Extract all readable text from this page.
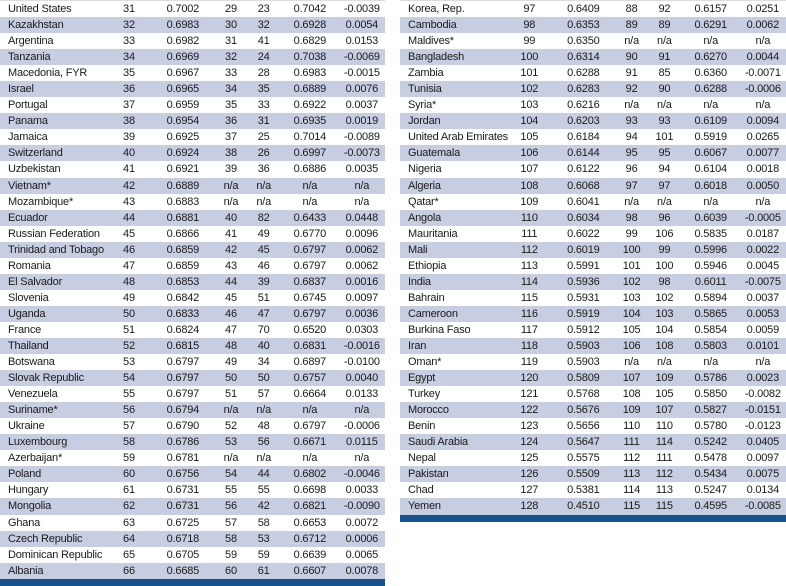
United States	31	0.7002	29	23	0.7042	-0.0039
Kazakhstan	32	0.6983	30	32	0.6928	0.0054
Argentina	33	0.6982	31	41	0.6829	0.0153
Tanzania	34	0.6969	32	24	0.7038	-0.0069
Macedonia, FYR	35	0.6967	33	28	0.6983	-0.0015
Israel	36	0.6965	34	35	0.6889	0.0076
Portugal	37	0.6959	35	33	0.6922	0.0037
Panama	38	0.6954	36	31	0.6935	0.0019
Jamaica	39	0.6925	37	25	0.7014	-0.0089
Switzerland	40	0.6924	38	26	0.6997	-0.0073
Uzbekistan	41	0.6921	39	36	0.6886	0.0035
Vietnam*	42	0.6889	n/a	n/a	n/a	n/a
Mozambique*	43	0.6883	n/a	n/a	n/a	n/a
Ecuador	44	0.6881	40	82	0.6433	0.0448
Russian Federation	45	0.6866	41	49	0.6770	0.0096
Trinidad and Tobago	46	0.6859	42	45	0.6797	0.0062
Romania	47	0.6859	43	46	0.6797	0.0062
El Salvador	48	0.6853	44	39	0.6837	0.0016
Slovenia	49	0.6842	45	51	0.6745	0.0097
Uganda	50	0.6833	46	47	0.6797	0.0036
France	51	0.6824	47	70	0.6520	0.0303
Thailand	52	0.6815	48	40	0.6831	-0.0016
Botswana	53	0.6797	49	34	0.6897	-0.0100
Slovak Republic	54	0.6797	50	50	0.6757	0.0040
Venezuela	55	0.6797	51	57	0.6664	0.0133
Suriname*	56	0.6794	n/a	n/a	n/a	n/a
Ukraine	57	0.6790	52	48	0.6797	-0.0006
Luxembourg	58	0.6786	53	56	0.6671	0.0115
Azerbaijan*	59	0.6781	n/a	n/a	n/a	n/a
Poland	60	0.6756	54	44	0.6802	-0.0046
Hungary	61	0.6731	55	55	0.6698	0.0033
Mongolia	62	0.6731	56	42	0.6821	-0.0090
Ghana	63	0.6725	57	58	0.6653	0.0072
Czech Republic	64	0.6718	58	53	0.6712	0.0006
Dominican Republic	65	0.6705	59	59	0.6639	0.0065
Albania	66	0.6685	60	61	0.6607	0.0078
Korea, Rep.	97	0.6409	88	92	0.6157	0.0251
Cambodia	98	0.6353	89	89	0.6291	0.0062
Maldives*	99	0.6350	n/a	n/a	n/a	n/a
Bangladesh	100	0.6314	90	91	0.6270	0.0044
Zambia	101	0.6288	91	85	0.6360	-0.0071
Tunisia	102	0.6283	92	90	0.6288	-0.0006
Syria*	103	0.6216	n/a	n/a	n/a	n/a
Jordan	104	0.6203	93	93	0.6109	0.0094
United Arab Emirates	105	0.6184	94	101	0.5919	0.0265
Guatemala	106	0.6144	95	95	0.6067	0.0077
Nigeria	107	0.6122	96	94	0.6104	0.0018
Algeria	108	0.6068	97	97	0.6018	0.0050
Qatar*	109	0.6041	n/a	n/a	n/a	n/a
Angola	110	0.6034	98	96	0.6039	-0.0005
Mauritania	111	0.6022	99	106	0.5835	0.0187
Mali	112	0.6019	100	99	0.5996	0.0022
Ethiopia	113	0.5991	101	100	0.5946	0.0045
India	114	0.5936	102	98	0.6011	-0.0075
Bahrain	115	0.5931	103	102	0.5894	0.0037
Cameroon	116	0.5919	104	103	0.5865	0.0053
Burkina Faso	117	0.5912	105	104	0.5854	0.0059
Iran	118	0.5903	106	108	0.5803	0.0101
Oman*	119	0.5903	n/a	n/a	n/a	n/a
Egypt	120	0.5809	107	109	0.5786	0.0023
Turkey	121	0.5768	108	105	0.5850	-0.0082
Morocco	122	0.5676	109	107	0.5827	-0.0151
Benin	123	0.5656	110	110	0.5780	-0.0123
Saudi Arabia	124	0.5647	111	114	0.5242	0.0405
Nepal	125	0.5575	112	111	0.5478	0.0097
Pakistan	126	0.5509	113	112	0.5434	0.0075
Chad	127	0.5381	114	113	0.5247	0.0134
Yemen	128	0.4510	115	115	0.4595	-0.0085
